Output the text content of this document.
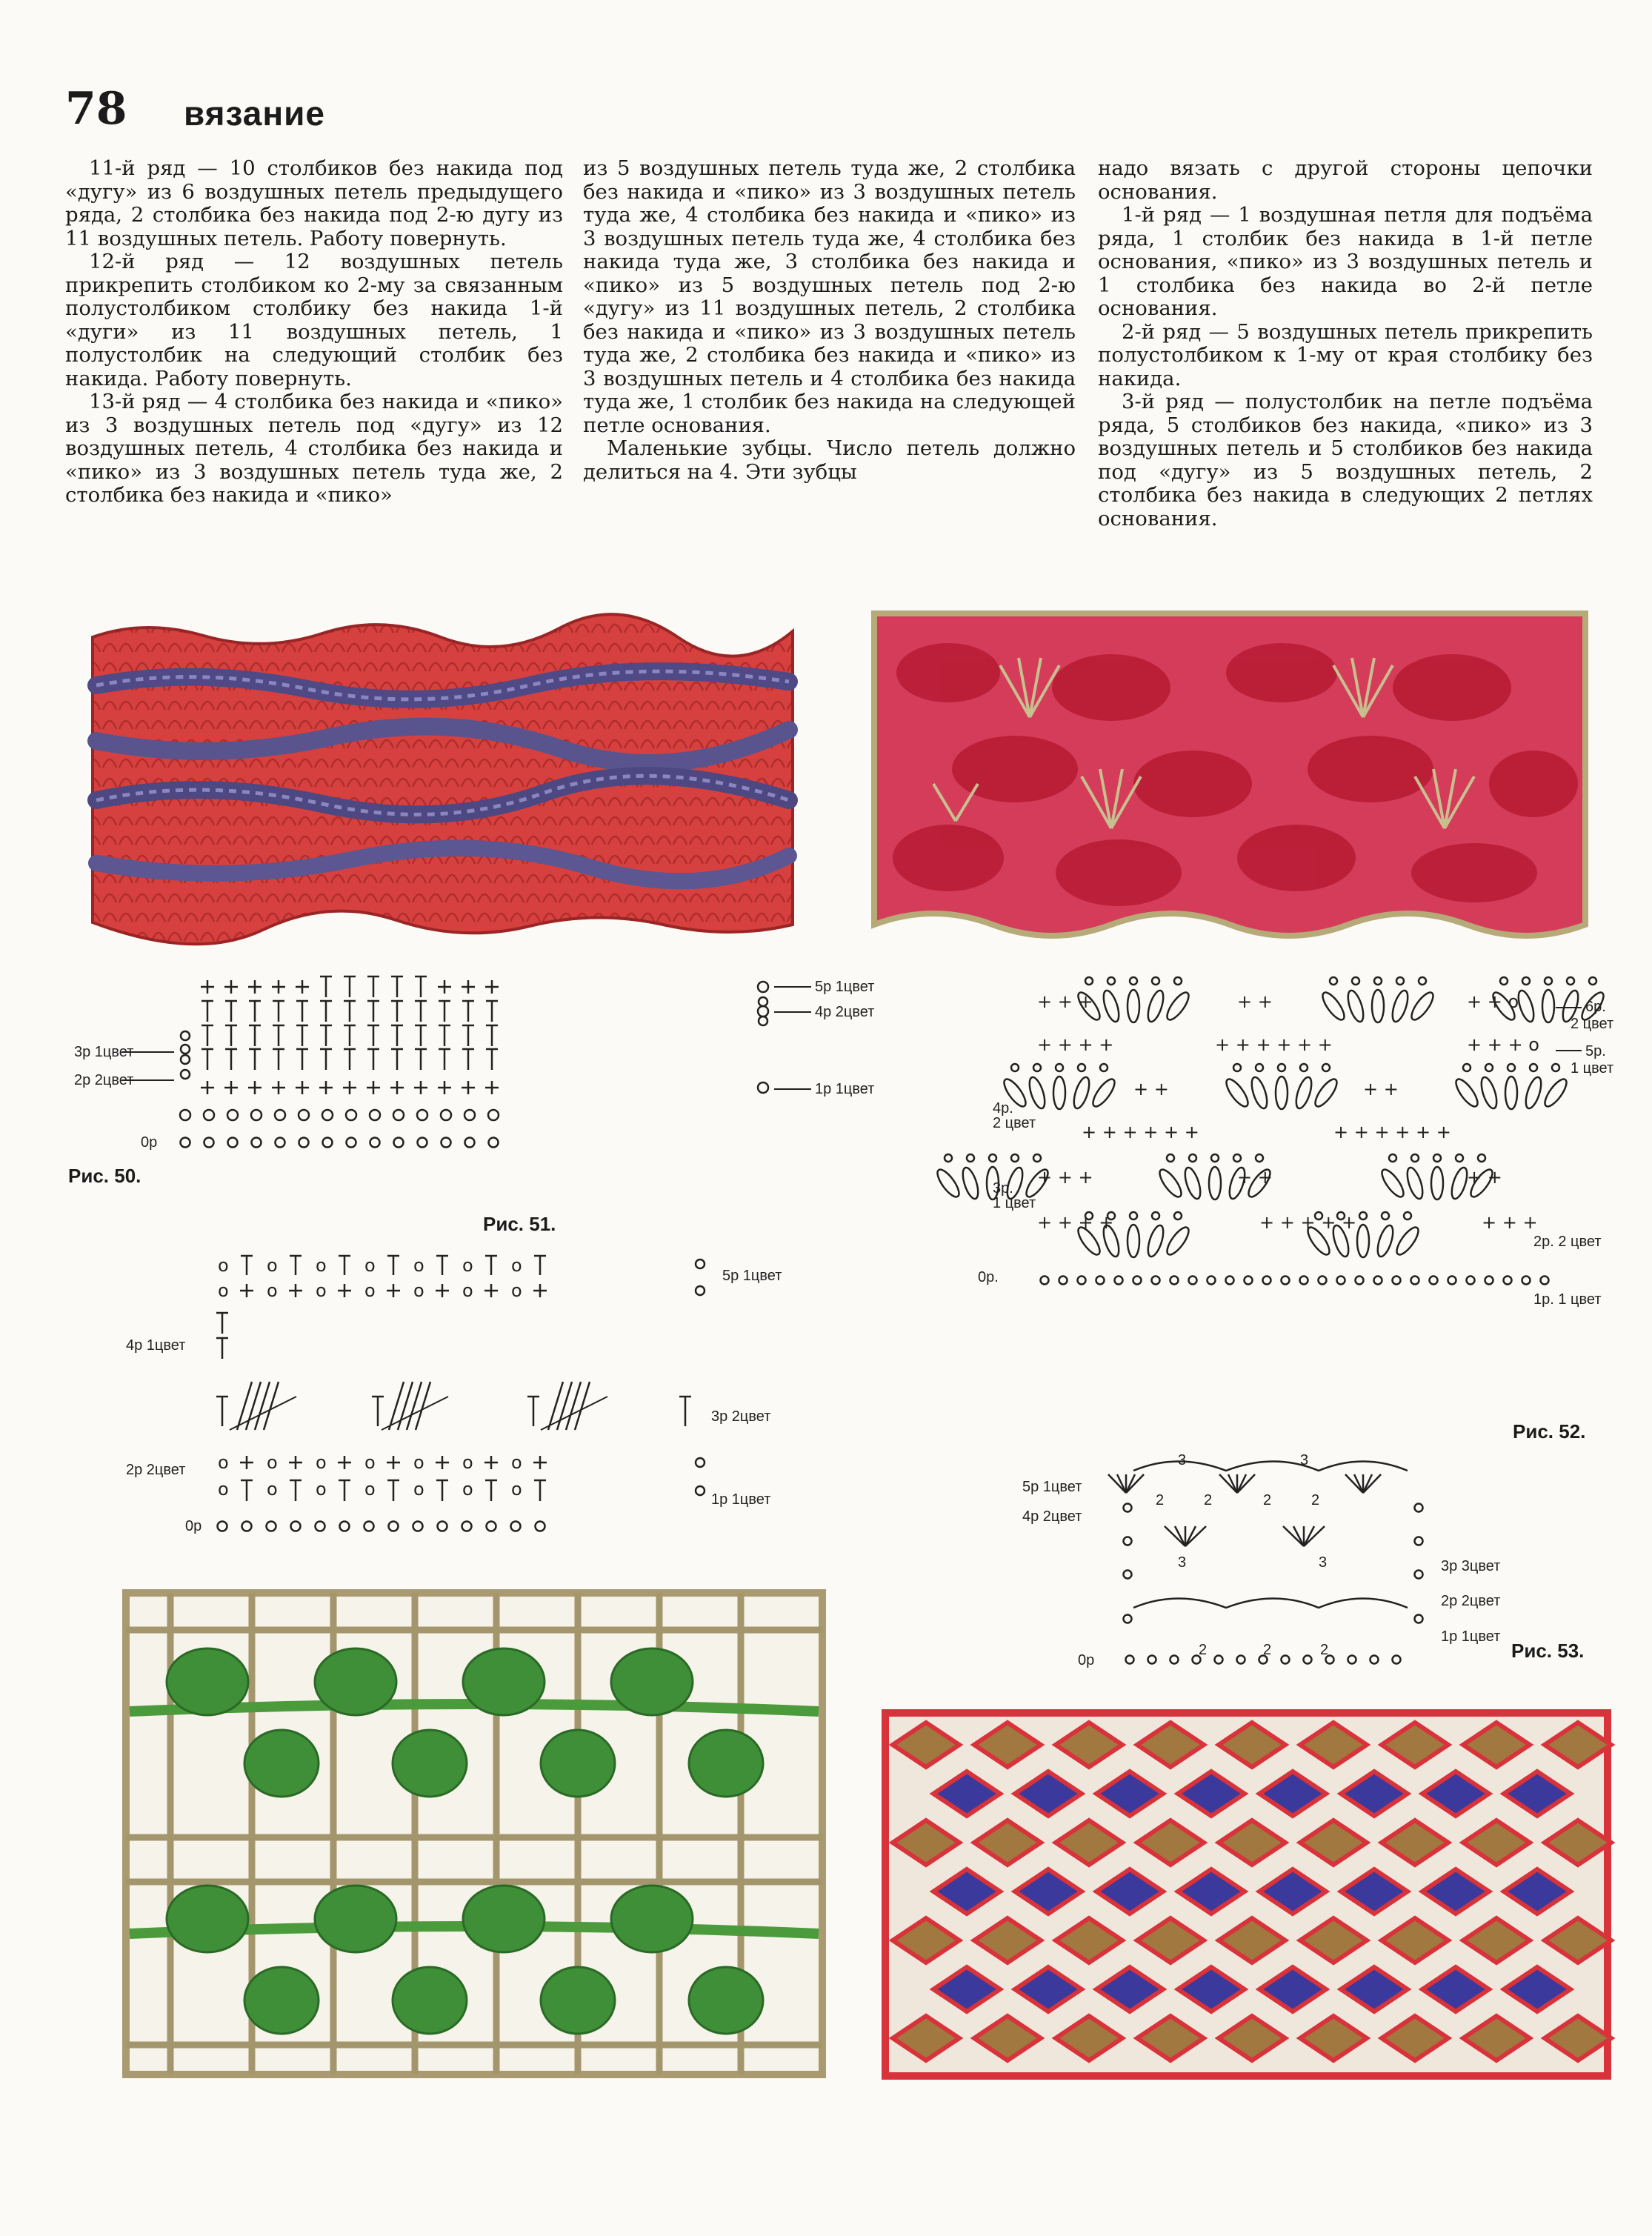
78 вязание

11-й ряд — 10 столбиков без накида под «дугу» из 6 воздушных петель предыдущего ряда, 2 столбика без накида под 2-ю дугу из 11 воздушных петель. Работу повернуть.

12-й ряд — 12 воздушных петель прикрепить столбиком ко 2-му за связанным полустолбиком столбику без накида 1-й «дуги» из 11 воздушных петель, 1 полустолбик на следующий столбик без накида. Работу повернуть.

13-й ряд — 4 столбика без накида и «пико» из 3 воздушных петель под «дугу» из 12 воздушных петель, 4 столбика без накида и «пико» из 3 воздушных петель туда же, 2 столбика без накида и «пико»

из 5 воздушных петель туда же, 2 столбика без накида и «пико» из 3 воздушных петель туда же, 4 столбика без накида и «пико» из 3 воздушных петель туда же, 4 столбика без накида туда же, 3 столбика без накида и «пико» из 5 воздушных петель под 2-ю «дугу» из 11 воздушных петель, 2 столбика без накида и «пико» из 3 воздушных петель туда же, 2 столбика без накида и «пико» из 3 воздушных петель и 4 столбика без накида туда же, 1 столбик без накида на следующей петле основания.

Маленькие зубцы. Число петель должно делиться на 4. Эти зубцы

надо вязать с другой стороны цепочки основания.

1-й ряд — 1 воздушная петля для подъёма ряда, 1 столбик без накида в 1-й петле основания, «пико» из 3 воздушных петель и 1 столбика без накида во 2-й петле основания.

2-й ряд — 5 воздушных петель прикрепить полустолбиком к 1-му от края столбику без накида.

3-й ряд — полустолбик на петле подъёма ряда, 5 столбиков без накида, «пико» из 3 воздушных петель и 5 столбиков без накида под «дугу» из 5 воздушных петель, 2 столбика без накида в следующих 2 петлях основания.

5р 1цвет
4р 2цвет
3р 1цвет
2р 2цвет
1р 1цвет
0р
Рис. 50.
Рис. 51.
o o o o o o o
o o o o o o o
o o o o o o o
o o o o o o o
5р 1цвет
4р 1цвет
3р 2цвет
2р 2цвет
1р 1цвет
0р
+ + +	+ +	+ + o
+ + + +	+ + + + + +	+ + + o
+ +	+ +
+ + + + + +	+ + + + + +
+ + +	+ +	+ +
+ + + +	+ + + + +	+ + +
6р.
2 цвет
5р.
1 цвет
4р.
2 цвет
3р.
1 цвет
2р. 2 цвет
1р. 1 цвет
0р.
Рис. 52.
3	3
2	2	2	2
3	3
2	2	2
5р 1цвет
4р 2цвет
3р 3цвет
2р 2цвет
1р 1цвет
0р	Рис. 53.
